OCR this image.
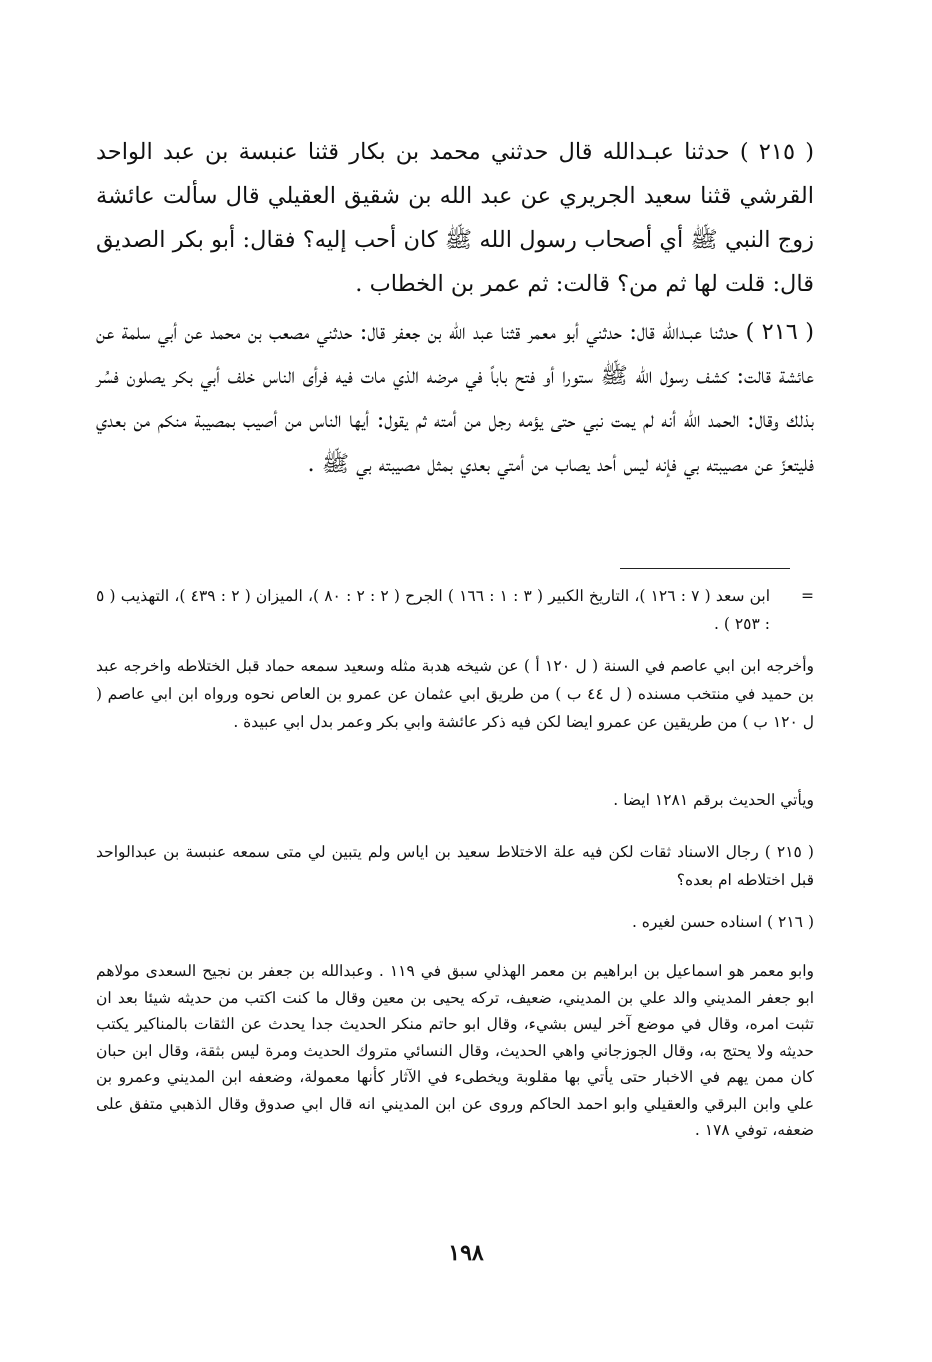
( ٢١٥ ) حدثنا عبـدالله قال حدثني محمد بن بكار قثنا عنبسة بن عبد الواحد القرشي قثنا سعيد الجريري عن عبد الله بن شقيق العقيلي قال سألت عائشة زوج النبي ﷺ أي أصحاب رسول الله ﷺ كان أحب إليه؟ فقال: أبو بكر الصديق قال: قلت لها ثم من؟ قالت: ثم عمر بن الخطاب .

( ٢١٦ ) حدثنا عبـدالله قال: حدثني أبو معمر قثنا عبد الله بن جعفر قال: حدثني مصعب بن محمد عن أبي سلمة عن عائشة قالت: كشف رسول الله ﷺ ستورا أو فتح باباً في مرضه الذي مات فيه فرأى الناس خلف أبي بكر يصلون فسُر بذلك وقال: الحمد الله أنه لم يمت نبي حتى يؤمه رجل من أمته ثم يقول: أيها الناس من أصيب بمصيبة منكم من بعدي فليتعزّ عن مصيبته بي فإنه ليس أحد يصاب من أمتي بعدي بمثل مصيبته بي ﷺ .

=

ابن سعد ( ٧ : ١٢٦ )، التاريخ الكبير ( ٣ : ١ : ١٦٦ ) الجرح ( ٢ : ٢ : ٨٠ )، الميزان ( ٢ : ٤٣٩ )، التهذيب ( ٥ : ٢٥٣ ) .

وأخرجه ابن ابي عاصم في السنة ( ل ١٢٠ أ ) عن شيخه هدبة مثله وسعيد سمعه حماد قبل الختلاطه واخرجه عبد بن حميد في منتخب مسنده ( ل ٤٤ ب ) من طريق ابي عثمان عن عمرو بن العاص نحوه ورواه ابن ابي عاصم ( ل ١٢٠ ب ) من طريقين عن عمرو ايضا لكن فيه ذكر عائشة وابي بكر وعمر بدل ابي عبيدة .

ويأتي الحديث برقم ١٢٨١ ايضا .

( ٢١٥ ) رجال الاسناد ثقات لكن فيه علة الاختلاط سعيد بن اياس ولم يتبين لي متى سمعه عنبسة بن عبدالواحد قبل اختلاطه ام بعده؟

( ٢١٦ ) اسناده حسن لغيره .

وابو معمر هو اسماعيل بن ابراهيم بن معمر الهذلي سبق في ١١٩ . وعبدالله بن جعفر بن نجيح السعدى مولاهم ابو جعفر المديني والد علي بن المديني، ضعيف، تركه يحيى بن معين وقال ما كنت اكتب من حديثه شيئا بعد ان تثبت امره، وقال في موضع آخر ليس بشيء، وقال ابو حاتم منكر الحديث جدا يحدث عن الثقات بالمناكير يكتب حديثه ولا يحتج به، وقال الجوزجاني واهي الحديث، وقال النسائي متروك الحديث ومرة ليس بثقة، وقال ابن حبان كان ممن يهم في الاخبار حتى يأتي بها مقلوبة ويخطىء في الآثار كأنها معمولة، وضعفه ابن المديني وعمرو بن علي وابن البرقي والعقيلي وابو احمد الحاكم وروى عن ابن المديني انه قال ابي صدوق وقال الذهبي متفق على ضعفه، توفي ١٧٨ .

١٩٨
